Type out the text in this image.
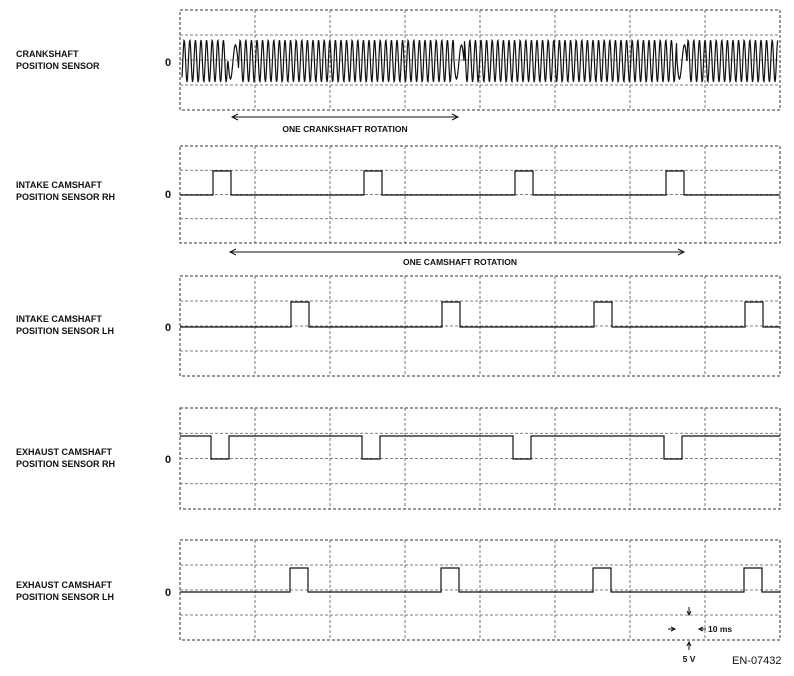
CRANKSHAFT
POSITION SENSOR	0
INTAKE CAMSHAFT
POSITION SENSOR RH	0
INTAKE CAMSHAFT
POSITION SENSOR LH	0
EXHAUST CAMSHAFT
POSITION SENSOR RH	0
EXHAUST CAMSHAFT
POSITION SENSOR LH	0
ONE CRANKSHAFT ROTATION
ONE CAMSHAFT ROTATION
10 ms
5 V	EN-07432
